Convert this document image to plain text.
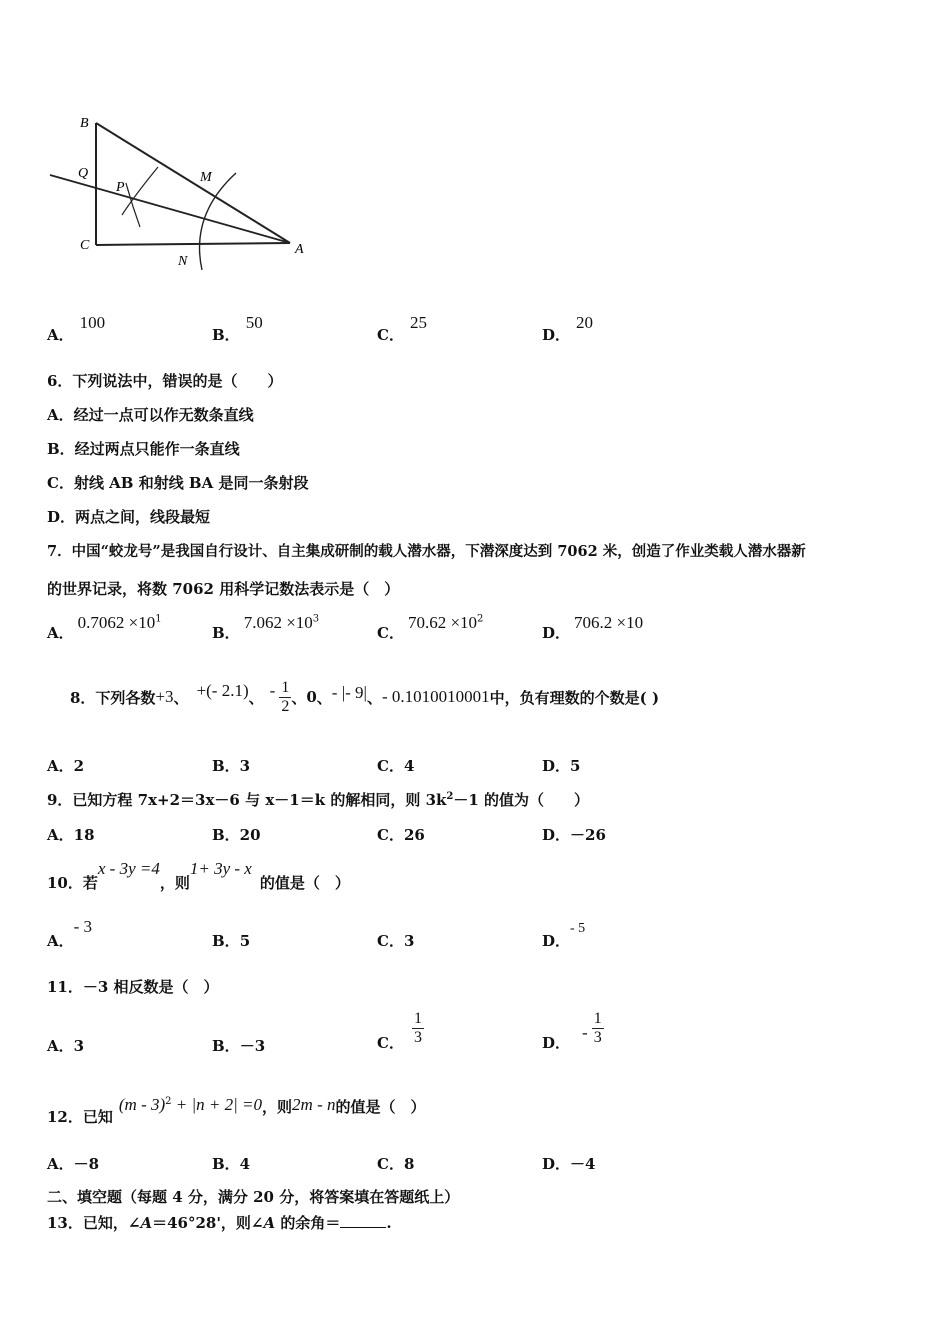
B
Q
P
M
C
N
A
A．100
B．50
C．25
D．20
6．下列说法中，错误的是（　　）
A．经过一点可以作无数条直线
B．经过两点只能作一条直线
C．射线 AB 和射线 BA 是同一条射段
D．两点之间，线段最短
7．中国“蛟龙号”是我国自行设计、自主集成研制的载人潜水器，下潜深度达到 7062 米，创造了作业类载人潜水器新
的世界记录，将数 7062 用科学记数法表示是（　）
A．$0.7062 \times 10^1$
B．$7.062 \times 10^3$
C．$70.62 \times 10^2$
D．706.2 ×10
8．下列各数 +3 、 +(- 2.1) 、 - $\frac{1}{2}$ 、 0 、 - |- 9| 、 - 0.1010010001 中，负有理数的个数是( )
A．2	B．3	C．4	D．5
9．已知方程 7x+2＝3x－6 与 x－1＝k 的解相同，则 $3k^2-1$ 的值为（　　）
A．18	B．20	C．26	D．－26
10．若x - 3y =4，则1+ 3y - x的值是（　）
A．- 3
B．5	C．3	D．- 5
11．－3 相反数是（　）
A．3	B．－3	C． $\frac{1}{3}$	D．
- $\frac{1}{3}$
12．已知(m - 3)$^2$ + |n + 2| =0，则2m - n的值是（　）
A．－8	B．4	C．8	D．－4
二、填空题（每题 4 分，满分 20 分，将答案填在答题纸上）
13．已知，∠A＝46°28'，则∠A 的余角＝	.
